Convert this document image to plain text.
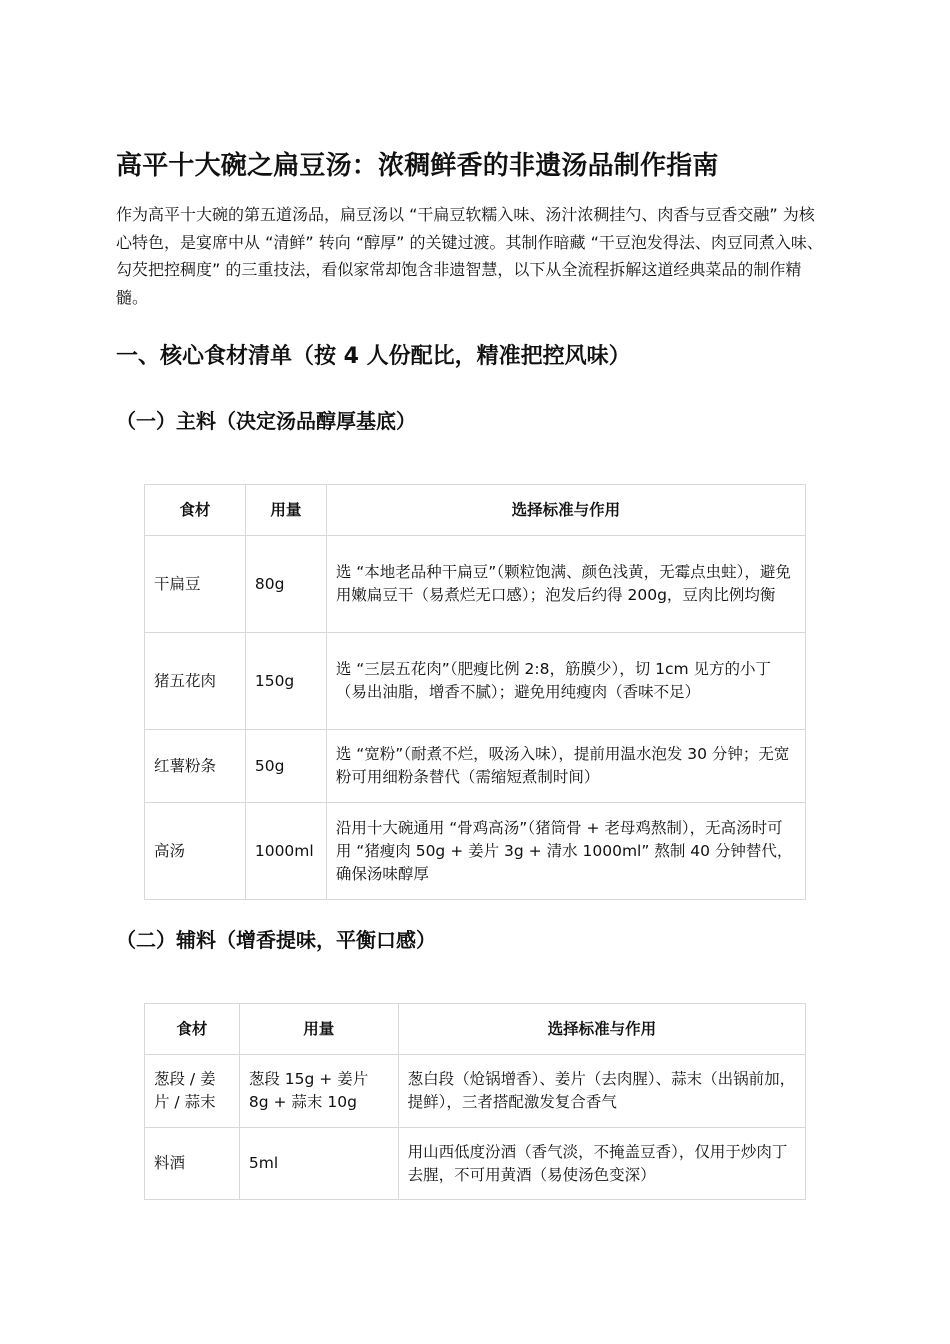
高平十大碗之扁豆汤：浓稠鲜香的非遗汤品制作指南

作为高平十大碗的第五道汤品，扁豆汤以 “干扁豆软糯入味、汤汁浓稠挂勺、肉香与豆香交融” 为核心特色，是宴席中从 “清鲜” 转向 “醇厚” 的关键过渡。其制作暗藏 “干豆泡发得法、肉豆同煮入味、勾芡把控稠度” 的三重技法，看似家常却饱含非遗智慧，以下从全流程拆解这道经典菜品的制作精髓。

一、核心食材清单（按 4 人份配比，精准把控风味）
（一）主料（决定汤品醇厚基底）
食材	用量	选择标准与作用
干扁豆	80g	选 “本地老品种干扁豆”（颗粒饱满、颜色浅黄，无霉点虫蛀），避免用嫩扁豆干（易煮烂无口感）；泡发后约得 200g，豆肉比例均衡
猪五花肉	150g	选 “三层五花肉”（肥瘦比例 2:8，筋膜少），切 1cm 见方的小丁（易出油脂，增香不腻）；避免用纯瘦肉（香味不足）
红薯粉条	50g	选 “宽粉”（耐煮不烂，吸汤入味），提前用温水泡发 30 分钟；无宽粉可用细粉条替代（需缩短煮制时间）
高汤	1000ml	沿用十大碗通用 “骨鸡高汤”（猪筒骨 + 老母鸡熬制），无高汤时可用 “猪瘦肉 50g + 姜片 3g + 清水 1000ml” 熬制 40 分钟替代，确保汤味醇厚
（二）辅料（增香提味，平衡口感）
食材	用量	选择标准与作用
葱段 / 姜片 / 蒜末	葱段 15g + 姜片 8g + 蒜末 10g	葱白段（炝锅增香）、姜片（去肉腥）、蒜末（出锅前加，提鲜），三者搭配激发复合香气
料酒	5ml	用山西低度汾酒（香气淡，不掩盖豆香），仅用于炒肉丁去腥，不可用黄酒（易使汤色变深）
